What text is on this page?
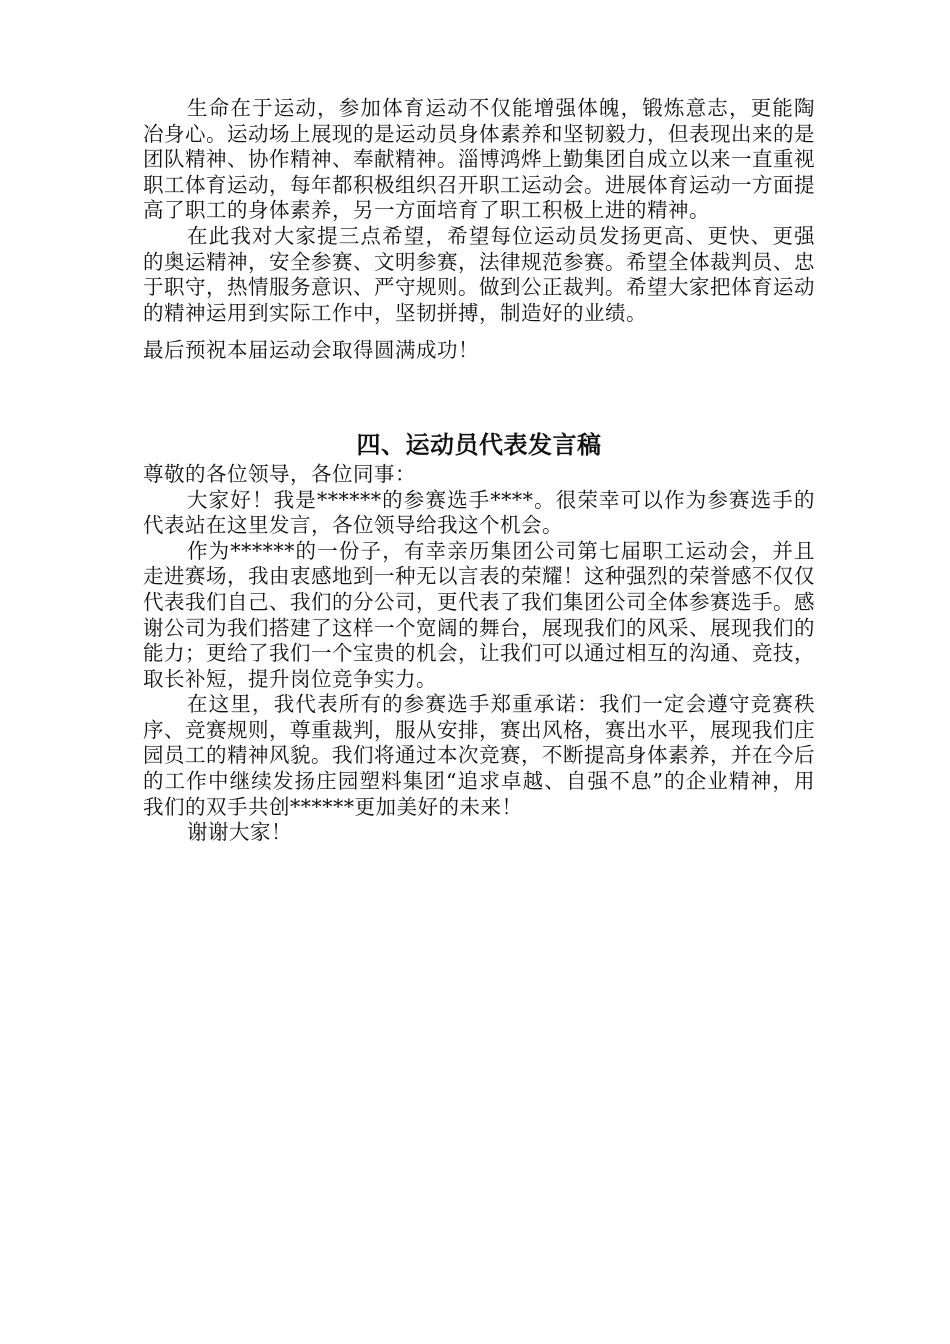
生命在于运动，参加体育运动不仅能增强体魄，锻炼意志，更能陶冶身心。运动场上展现的是运动员身体素养和坚韧毅力，但表现出来的是团队精神、协作精神、奉献精神。淄博鸿烨上勤集团自成立以来一直重视职工体育运动，每年都积极组织召开职工运动会。进展体育运动一方面提高了职工的身体素养，另一方面培育了职工积极上进的精神。

在此我对大家提三点希望，希望每位运动员发扬更高、更快、更强的奥运精神，安全参赛、文明参赛，法律规范参赛。希望全体裁判员、忠于职守，热情服务意识、严守规则。做到公正裁判。希望大家把体育运动的精神运用到实际工作中，坚韧拼搏，制造好的业绩。

最后预祝本届运动会取得圆满成功！

四、运动员代表发言稿

尊敬的各位领导，各位同事：

大家好！我是******的参赛选手****。很荣幸可以作为参赛选手的代表站在这里发言，各位领导给我这个机会。

作为******的一份子，有幸亲历集团公司第七届职工运动会，并且走进赛场，我由衷感地到一种无以言表的荣耀！这种强烈的荣誉感不仅仅代表我们自己、我们的分公司，更代表了我们集团公司全体参赛选手。感谢公司为我们搭建了这样一个宽阔的舞台，展现我们的风采、展现我们的能力；更给了我们一个宝贵的机会，让我们可以通过相互的沟通、竞技，取长补短，提升岗位竞争实力。

在这里，我代表所有的参赛选手郑重承诺：我们一定会遵守竞赛秩序、竞赛规则，尊重裁判，服从安排，赛出风格，赛出水平，展现我们庄园员工的精神风貌。我们将通过本次竞赛，不断提高身体素养，并在今后的工作中继续发扬庄园塑料集团“追求卓越、自强不息”的企业精神，用我们的双手共创******更加美好的未来！

谢谢大家！
